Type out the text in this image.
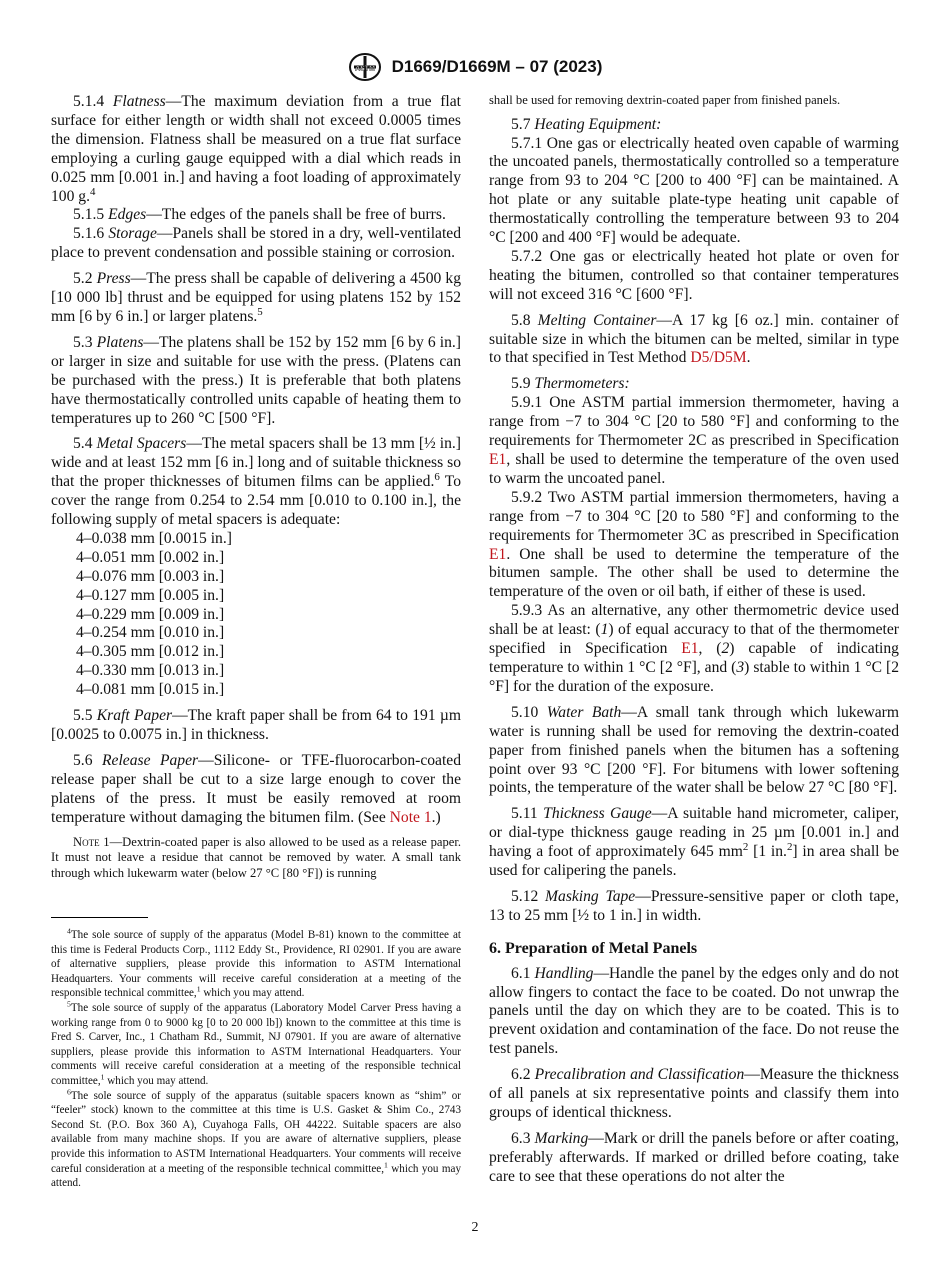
ASTM D1669/D1669M – 07 (2023)

5.1.4 Flatness—The maximum deviation from a true flat surface for either length or width shall not exceed 0.0005 times the dimension. Flatness shall be measured on a true flat surface employing a curling gauge equipped with a dial which reads in 0.025 mm [0.001 in.] and having a foot loading of approximately 100 g.$^4$

5.1.5 Edges—The edges of the panels shall be free of burrs.

5.1.6 Storage—Panels shall be stored in a dry, well-ventilated place to prevent condensation and possible staining or corrosion.

5.2 Press—The press shall be capable of delivering a 4500 kg [10 000 lb] thrust and be equipped for using platens 152 by 152 mm [6 by 6 in.] or larger platens.$^5$

5.3 Platens—The platens shall be 152 by 152 mm [6 by 6 in.] or larger in size and suitable for use with the press. (Platens can be purchased with the press.) It is preferable that both platens have thermostatically controlled units capable of heating them to temperatures up to 260 °C [500 °F].

5.4 Metal Spacers—The metal spacers shall be 13 mm [½ in.] wide and at least 152 mm [6 in.] long and of suitable thickness so that the proper thicknesses of bitumen films can be applied.$^6$ To cover the range from 0.254 to 2.54 mm [0.010 to 0.100 in.], the following supply of metal spacers is adequate:

4–0.038 mm [0.0015 in.]

4–0.051 mm [0.002 in.]

4–0.076 mm [0.003 in.]

4–0.127 mm [0.005 in.]

4–0.229 mm [0.009 in.]

4–0.254 mm [0.010 in.]

4–0.305 mm [0.012 in.]

4–0.330 mm [0.013 in.]

4–0.081 mm [0.015 in.]

5.5 Kraft Paper—The kraft paper shall be from 64 to 191 µm [0.0025 to 0.0075 in.] in thickness.

5.6 Release Paper—Silicone- or TFE-fluorocarbon-coated release paper shall be cut to a size large enough to cover the platens of the press. It must be easily removed at room temperature without damaging the bitumen film. (See Note 1.)

Note 1—Dextrin-coated paper is also allowed to be used as a release paper. It must not leave a residue that cannot be removed by water. A small tank through which lukewarm water (below 27 °C [80 °F]) is running

$^4$The sole source of supply of the apparatus (Model B-81) known to the committee at this time is Federal Products Corp., 1112 Eddy St., Providence, RI 02901. If you are aware of alternative suppliers, please provide this information to ASTM International Headquarters. Your comments will receive careful consideration at a meeting of the responsible technical committee,$^1$ which you may attend.

$^5$The sole source of supply of the apparatus (Laboratory Model Carver Press having a working range from 0 to 9000 kg [0 to 20 000 lb]) known to the committee at this time is Fred S. Carver, Inc., 1 Chatham Rd., Summit, NJ 07901. If you are aware of alternative suppliers, please provide this information to ASTM International Headquarters. Your comments will receive careful consideration at a meeting of the responsible technical committee,$^1$ which you may attend.

$^6$The sole source of supply of the apparatus (suitable spacers known as “shim” or “feeler” stock) known to the committee at this time is U.S. Gasket & Shim Co., 2743 Second St. (P.O. Box 360 A), Cuyahoga Falls, OH 44222. Suitable spacers are also available from many machine shops. If you are aware of alternative suppliers, please provide this information to ASTM International Headquarters. Your comments will receive careful consideration at a meeting of the responsible technical committee,$^1$ which you may attend.

shall be used for removing dextrin-coated paper from finished panels.

5.7 Heating Equipment:

5.7.1 One gas or electrically heated oven capable of warming the uncoated panels, thermostatically controlled so a temperature range from 93 to 204 °C [200 to 400 °F] can be maintained. A hot plate or any suitable plate-type heating unit capable of thermostatically controlling the temperature between 93 to 204 °C [200 and 400 °F] would be adequate.

5.7.2 One gas or electrically heated hot plate or oven for heating the bitumen, controlled so that container temperatures will not exceed 316 °C [600 °F].

5.8 Melting Container—A 17 kg [6 oz.] min. container of suitable size in which the bitumen can be melted, similar in type to that specified in Test Method D5/D5M.

5.9 Thermometers:

5.9.1 One ASTM partial immersion thermometer, having a range from −7 to 304 °C [20 to 580 °F] and conforming to the requirements for Thermometer 2C as prescribed in Specification E1, shall be used to determine the temperature of the oven used to warm the uncoated panel.

5.9.2 Two ASTM partial immersion thermometers, having a range from −7 to 304 °C [20 to 580 °F] and conforming to the requirements for Thermometer 3C as prescribed in Specification E1. One shall be used to determine the temperature of the bitumen sample. The other shall be used to determine the temperature of the oven or oil bath, if either of these is used.

5.9.3 As an alternative, any other thermometric device used shall be at least: (1) of equal accuracy to that of the thermometer specified in Specification E1, (2) capable of indicating temperature to within 1 °C [2 °F], and (3) stable to within 1 °C [2 °F] for the duration of the exposure.

5.10 Water Bath—A small tank through which lukewarm water is running shall be used for removing the dextrin-coated paper from finished panels when the bitumen has a softening point over 93 °C [200 °F]. For bitumens with lower softening points, the temperature of the water shall be below 27 °C [80 °F].

5.11 Thickness Gauge—A suitable hand micrometer, caliper, or dial-type thickness gauge reading in 25 µm [0.001 in.] and having a foot of approximately 645 $mm^2$ [1 in.$^2$] in area shall be used for calipering the panels.

5.12 Masking Tape—Pressure-sensitive paper or cloth tape, 13 to 25 mm [½ to 1 in.] in width.

6. Preparation of Metal Panels

6.1 Handling—Handle the panel by the edges only and do not allow fingers to contact the face to be coated. Do not unwrap the panels until the day on which they are to be coated. This is to prevent oxidation and contamination of the face. Do not reuse the test panels.

6.2 Precalibration and Classification—Measure the thickness of all panels at six representative points and classify them into groups of identical thickness.

6.3 Marking—Mark or drill the panels before or after coating, preferably afterwards. If marked or drilled before coating, take care to see that these operations do not alter the

2
